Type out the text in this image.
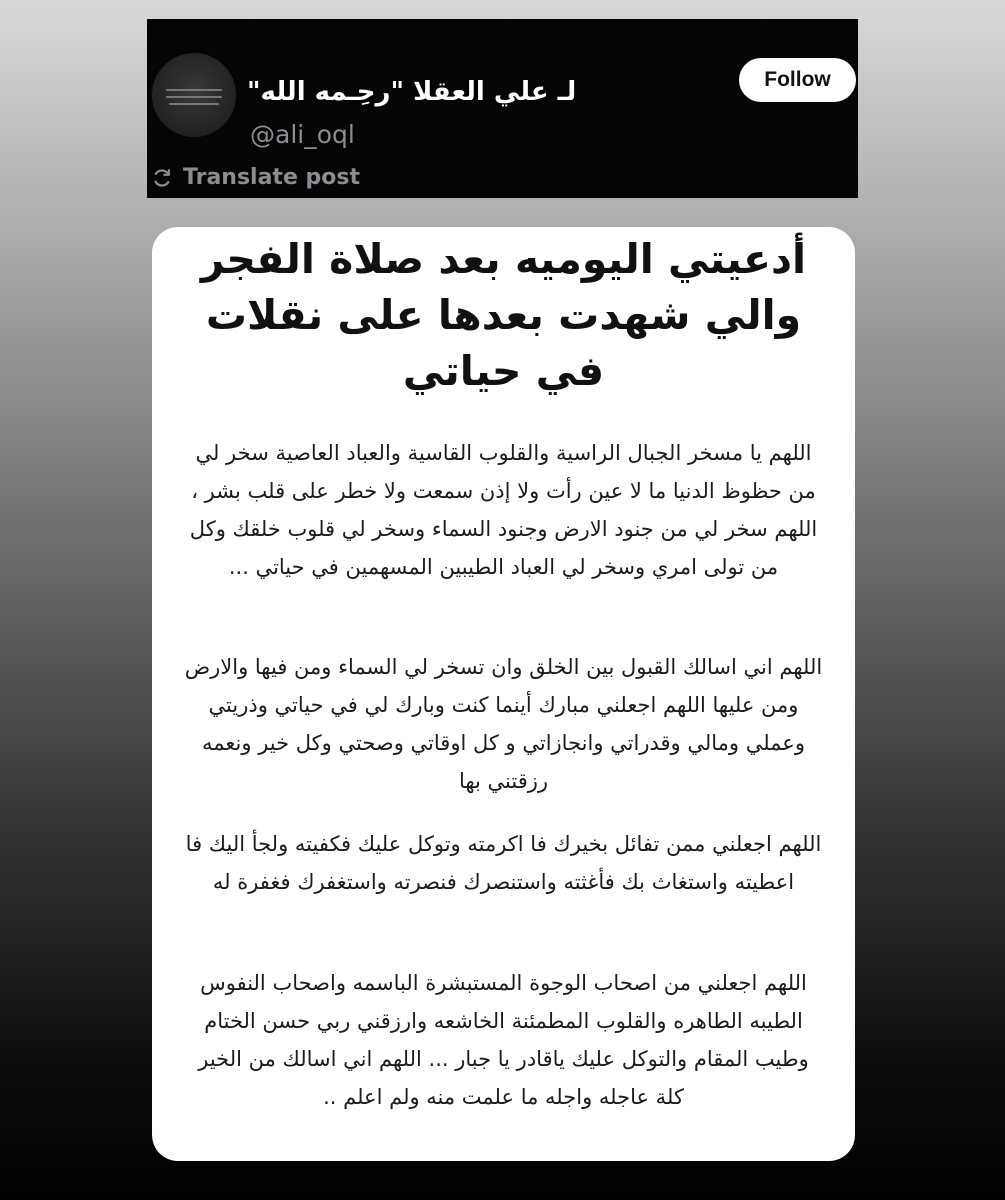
لـ علي العقلا "رحِـمه الله"
@ali_oql
Follow
Translate post
أدعيتي اليوميه بعد صلاة الفجر والي شهدت بعدها على نقلات في حياتي

اللهم يا مسخر الجبال الراسية والقلوب القاسية والعباد العاصية سخر لي من حظوظ الدنيا ما لا عين رأت ولا إذن سمعت ولا خطر على قلب بشر ، اللهم سخر لي من جنود الارض وجنود السماء وسخر لي قلوب خلقك وكل من تولى امري وسخر لي العباد الطيبين المسهمين في حياتي ...

اللهم اني اسالك القبول بين الخلق وان تسخر لي السماء ومن فيها والارض ومن عليها اللهم اجعلني مبارك أينما كنت وبارك لي في حياتي وذريتي وعملي ومالي وقدراتي وانجازاتي و كل اوقاتي وصحتي وكل خير ونعمه رزقتني بها

اللهم اجعلني ممن تفائل بخيرك فا اكرمته وتوكل عليك فكفيته ولجأ اليك فا اعطيته واستغاث بك فأغثته واستنصرك فنصرته واستغفرك فغفرة له

اللهم اجعلني من اصحاب الوجوة المستبشرة الباسمه واصحاب النفوس الطيبه الطاهره والقلوب المطمئنة الخاشعه وارزقني ربي حسن الختام وطيب المقام والتوكل عليك ياقادر يا جبار ... اللهم اني اسالك من الخير كلة عاجله واجله ما علمت منه ولم اعلم ..
